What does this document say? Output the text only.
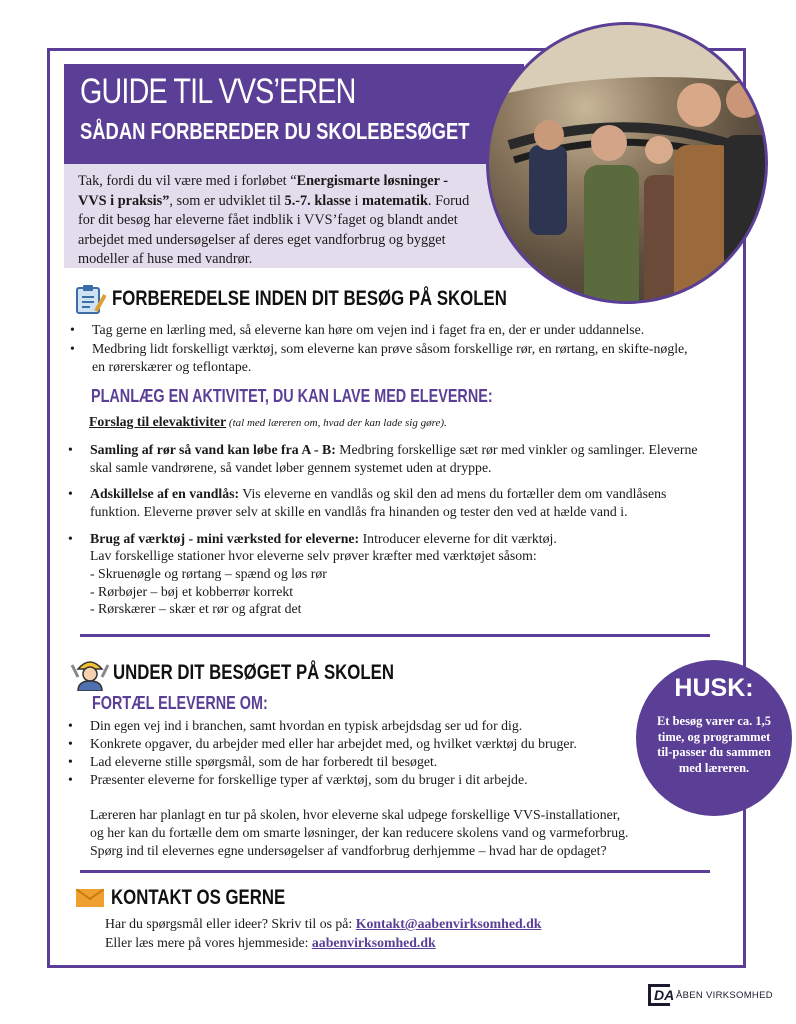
GUIDE TIL VVS’EREN
SÅDAN FORBEREDER DU SKOLEBESØGET
Tak, fordi du vil være med i forløbet “Energismarte løsninger - VVS i praksis”, som er udviklet til 5.-7. klasse i matematik. Forud for dit besøg har eleverne fået indblik i VVS’faget og blandt andet arbejdet med undersøgelser af deres eget vandforbrug og bygget modeller af huse med vandrør.
FORBEREDELSE INDEN DIT BESØG PÅ SKOLEN
• Tag gerne en lærling med, så eleverne kan høre om vejen ind i faget fra en, der er under uddannelse.
• Medbring lidt forskelligt værktøj, som eleverne kan prøve såsom forskellige rør, en rørtang, en skifte-nøgle, en rørerskærer og teflontape.
PLANLÆG EN AKTIVITET, DU KAN LAVE MED ELEVERNE:
Forslag til elevaktiviter (tal med læreren om, hvad der kan lade sig gøre).
• Samling af rør så vand kan løbe fra A - B: Medbring forskellige sæt rør med vinkler og samlinger. Eleverne skal samle vandrørene, så vandet løber gennem systemet uden at dryppe.
• Adskillelse af en vandlås: Vis eleverne en vandlås og skil den ad mens du fortæller dem om vandlåsens funktion. Eleverne prøver selv at skille en vandlås fra hinanden og tester den ved at hælde vand i.
• Brug af værktøj - mini værksted for eleverne: Introducer eleverne for dit værktøj.
Lav forskellige stationer hvor eleverne selv prøver kræfter med værktøjet såsom:
- Skruenøgle og rørtang – spænd og løs rør
- Rørbøjer – bøj et kobberrør korrekt
- Rørskærer – skær et rør og afgrat det
UNDER DIT BESØGET PÅ SKOLEN
FORTÆL ELEVERNE OM:
• Din egen vej ind i branchen, samt hvordan en typisk arbejdsdag ser ud for dig.
• Konkrete opgaver, du arbejder med eller har arbejdet med, og hvilket værktøj du bruger.
• Lad eleverne stille spørgsmål, som de har forberedt til besøget.
• Præsenter eleverne for forskellige typer af værktøj, som du bruger i dit arbejde.
Læreren har planlagt en tur på skolen, hvor eleverne skal udpege forskellige VVS-installationer,
og her kan du fortælle dem om smarte løsninger, der kan reducere skolens vand og varmeforbrug.
Spørg ind til elevernes egne undersøgelser af vandforbrug derhjemme – hvad har de opdaget?
HUSK:
Et besøg varer ca. 1,5 time, og programmet til-passer du sammen med læreren.
KONTAKT OS GERNE
Har du spørgsmål eller ideer? Skriv til os på: Kontakt@aabenvirksomhed.dk
Eller læs mere på vores hjemmeside: aabenvirksomhed.dk
DA ÅBEN VIRKSOMHED
